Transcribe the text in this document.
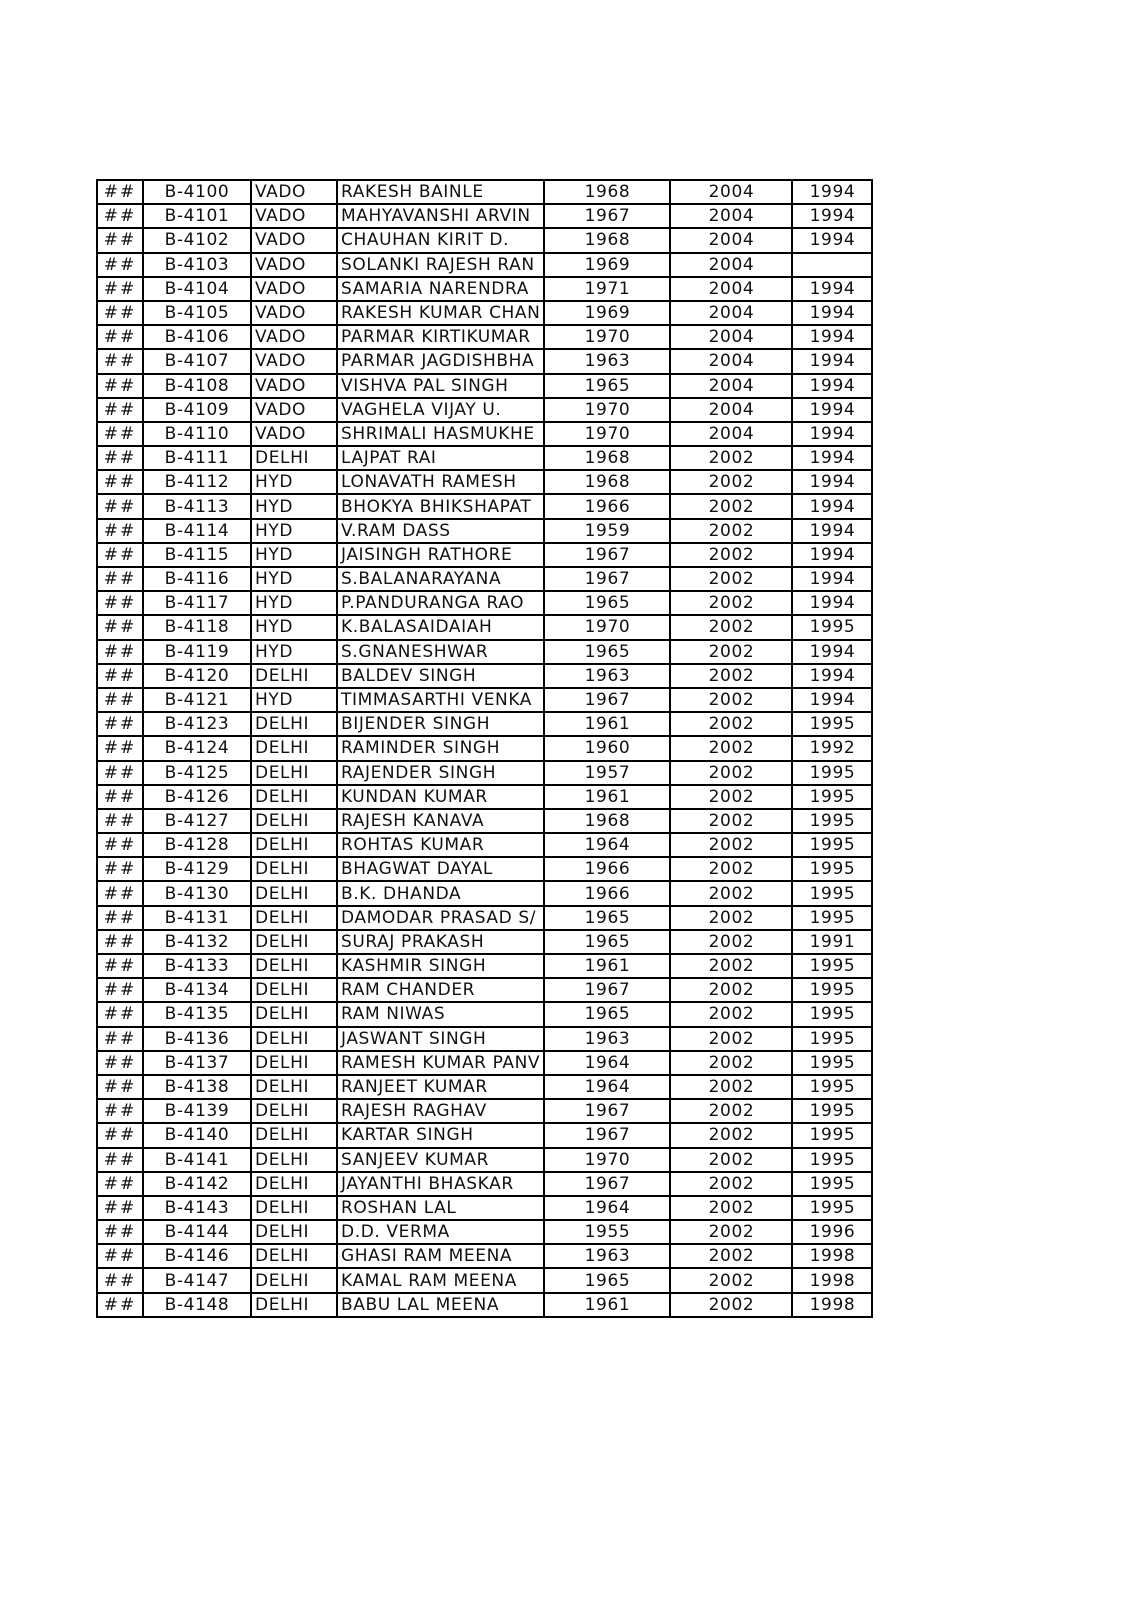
##	B-4100	VADO	RAKESH BAINLE	1968	2004	1994
##	B-4101	VADO	MAHYAVANSHI ARVIN	1967	2004	1994
##	B-4102	VADO	CHAUHAN KIRIT D.	1968	2004	1994
##	B-4103	VADO	SOLANKI RAJESH RAN	1969	2004	
##	B-4104	VADO	SAMARIA NARENDRA	1971	2004	1994
##	B-4105	VADO	RAKESH KUMAR CHAN	1969	2004	1994
##	B-4106	VADO	PARMAR KIRTIKUMAR	1970	2004	1994
##	B-4107	VADO	PARMAR JAGDISHBHA	1963	2004	1994
##	B-4108	VADO	VISHVA PAL SINGH	1965	2004	1994
##	B-4109	VADO	VAGHELA VIJAY U.	1970	2004	1994
##	B-4110	VADO	SHRIMALI HASMUKHE	1970	2004	1994
##	B-4111	DELHI	LAJPAT RAI	1968	2002	1994
##	B-4112	HYD	LONAVATH RAMESH	1968	2002	1994
##	B-4113	HYD	BHOKYA BHIKSHAPAT	1966	2002	1994
##	B-4114	HYD	V.RAM DASS	1959	2002	1994
##	B-4115	HYD	JAISINGH RATHORE	1967	2002	1994
##	B-4116	HYD	S.BALANARAYANA	1967	2002	1994
##	B-4117	HYD	P.PANDURANGA RAO	1965	2002	1994
##	B-4118	HYD	K.BALASAIDAIAH	1970	2002	1995
##	B-4119	HYD	S.GNANESHWAR	1965	2002	1994
##	B-4120	DELHI	BALDEV SINGH	1963	2002	1994
##	B-4121	HYD	TIMMASARTHI VENKA	1967	2002	1994
##	B-4123	DELHI	BIJENDER SINGH	1961	2002	1995
##	B-4124	DELHI	RAMINDER SINGH	1960	2002	1992
##	B-4125	DELHI	RAJENDER SINGH	1957	2002	1995
##	B-4126	DELHI	KUNDAN KUMAR	1961	2002	1995
##	B-4127	DELHI	RAJESH KANAVA	1968	2002	1995
##	B-4128	DELHI	ROHTAS KUMAR	1964	2002	1995
##	B-4129	DELHI	BHAGWAT DAYAL	1966	2002	1995
##	B-4130	DELHI	B.K. DHANDA	1966	2002	1995
##	B-4131	DELHI	DAMODAR PRASAD S/	1965	2002	1995
##	B-4132	DELHI	SURAJ PRAKASH	1965	2002	1991
##	B-4133	DELHI	KASHMIR SINGH	1961	2002	1995
##	B-4134	DELHI	RAM CHANDER	1967	2002	1995
##	B-4135	DELHI	RAM NIWAS	1965	2002	1995
##	B-4136	DELHI	JASWANT SINGH	1963	2002	1995
##	B-4137	DELHI	RAMESH KUMAR PANV	1964	2002	1995
##	B-4138	DELHI	RANJEET KUMAR	1964	2002	1995
##	B-4139	DELHI	RAJESH RAGHAV	1967	2002	1995
##	B-4140	DELHI	KARTAR SINGH	1967	2002	1995
##	B-4141	DELHI	SANJEEV KUMAR	1970	2002	1995
##	B-4142	DELHI	JAYANTHI BHASKAR	1967	2002	1995
##	B-4143	DELHI	ROSHAN LAL	1964	2002	1995
##	B-4144	DELHI	D.D. VERMA	1955	2002	1996
##	B-4146	DELHI	GHASI RAM MEENA	1963	2002	1998
##	B-4147	DELHI	KAMAL RAM MEENA	1965	2002	1998
##	B-4148	DELHI	BABU LAL MEENA	1961	2002	1998
